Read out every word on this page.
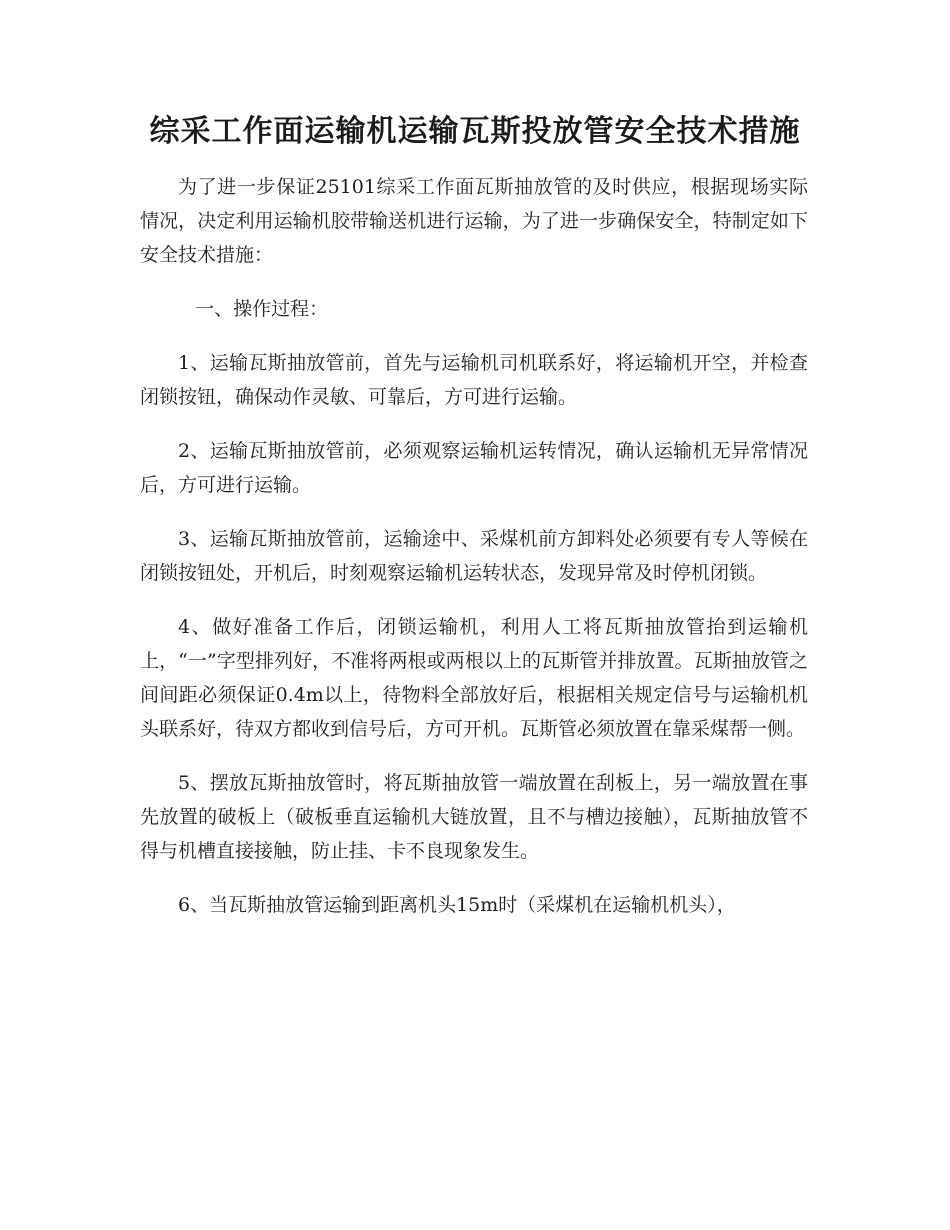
综采工作面运输机运输瓦斯投放管安全技术措施

为了进一步保证25101综采工作面瓦斯抽放管的及时供应，根据现场实际情况，决定利用运输机胶带输送机进行运输，为了进一步确保安全，特制定如下安全技术措施：

一、操作过程：

1、运输瓦斯抽放管前，首先与运输机司机联系好，将运输机开空，并检查闭锁按钮，确保动作灵敏、可靠后，方可进行运输。

2、运输瓦斯抽放管前，必须观察运输机运转情况，确认运输机无异常情况后，方可进行运输。

3、运输瓦斯抽放管前，运输途中、采煤机前方卸料处必须要有专人等候在闭锁按钮处，开机后，时刻观察运输机运转状态，发现异常及时停机闭锁。

4、做好准备工作后，闭锁运输机，利用人工将瓦斯抽放管抬到运输机上，“一”字型排列好，不准将两根或两根以上的瓦斯管并排放置。瓦斯抽放管之间间距必须保证0.4m以上，待物料全部放好后，根据相关规定信号与运输机机头联系好，待双方都收到信号后，方可开机。瓦斯管必须放置在靠采煤帮一侧。

5、摆放瓦斯抽放管时，将瓦斯抽放管一端放置在刮板上，另一端放置在事先放置的破板上（破板垂直运输机大链放置，且不与槽边接触），瓦斯抽放管不得与机槽直接接触，防止挂、卡不良现象发生。

6、当瓦斯抽放管运输到距离机头15m时（采煤机在运输机机头），
